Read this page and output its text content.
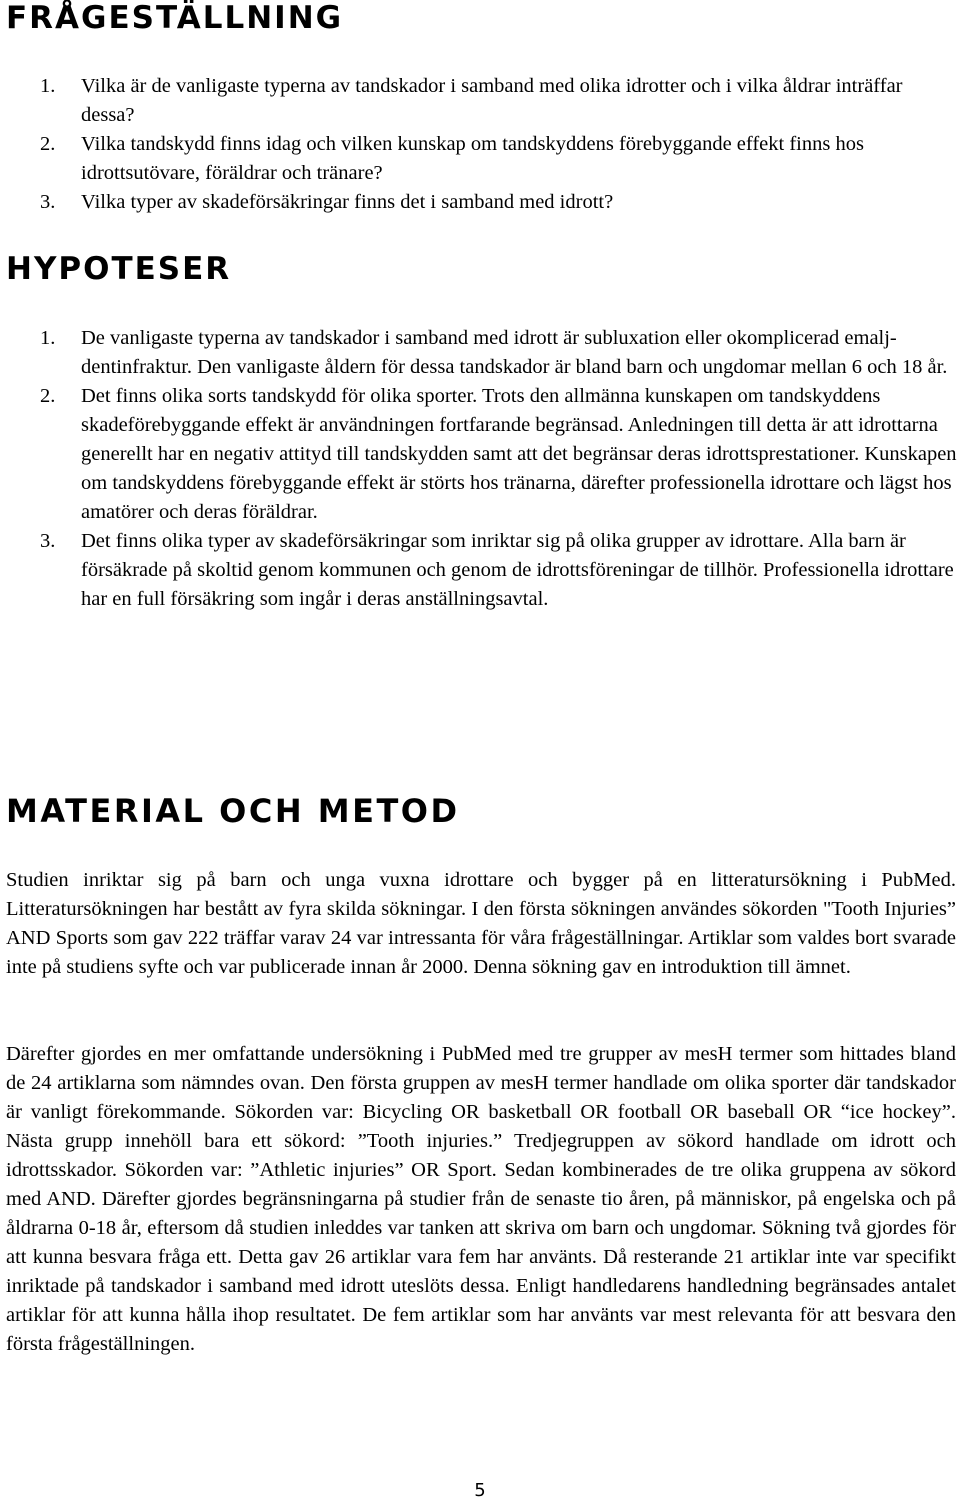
FRÅGESTÄLLNING
1. Vilka är de vanligaste typerna av tandskador i samband med olika idrotter och i vilka åldrar inträffar dessa?
2. Vilka tandskydd finns idag och vilken kunskap om tandskyddens förebyggande effekt finns hos idrottsutövare, föräldrar och tränare?
3. Vilka typer av skadeförsäkringar finns det i samband med idrott?
HYPOTESER
1. De vanligaste typerna av tandskador i samband med idrott är subluxation eller okomplicerad emalj-dentinfraktur. Den vanligaste åldern för dessa tandskador är bland barn och ungdomar mellan 6 och 18 år.
2. Det finns olika sorts tandskydd för olika sporter. Trots den allmänna kunskapen om tandskyddens skadeförebyggande effekt är användningen fortfarande begränsad. Anledningen till detta är att idrottarna generellt har en negativ attityd till tandskydden samt att det begränsar deras idrottsprestationer. Kunskapen om tandskyddens förebyggande effekt är störts hos tränarna, därefter professionella idrottare och lägst hos amatörer och deras föräldrar.
3. Det finns olika typer av skadeförsäkringar som inriktar sig på olika grupper av idrottare. Alla barn är försäkrade på skoltid genom kommunen och genom de idrottsföreningar de tillhör. Professionella idrottare har en full försäkring som ingår i deras anställningsavtal.
MATERIAL OCH METOD

Studien inriktar sig på barn och unga vuxna idrottare och bygger på en litteratursökning i PubMed. Litteratursökningen har bestått av fyra skilda sökningar. I den första sökningen användes sökorden "Tooth Injuries” AND Sports som gav 222 träffar varav 24 var intressanta för våra frågeställningar. Artiklar som valdes bort svarade inte på studiens syfte och var publicerade innan år 2000. Denna sökning gav en introduktion till ämnet.

Därefter gjordes en mer omfattande undersökning i PubMed med tre grupper av mesH termer som hittades bland de 24 artiklarna som nämndes ovan. Den första gruppen av mesH termer handlade om olika sporter där tandskador är vanligt förekommande. Sökorden var: Bicycling OR basketball OR football OR baseball OR “ice hockey”. Nästa grupp innehöll bara ett sökord: ”Tooth injuries.” Tredjegruppen av sökord handlade om idrott och idrottsskador. Sökorden var: ”Athletic injuries” OR Sport. Sedan kombinerades de tre olika gruppena av sökord med AND. Därefter gjordes begränsningarna på studier från de senaste tio åren, på människor, på engelska och på åldrarna 0-18 år, eftersom då studien inleddes var tanken att skriva om barn och ungdomar. Sökning två gjordes för att kunna besvara fråga ett. Detta gav 26 artiklar vara fem har använts. Då resterande 21 artiklar inte var specifikt inriktade på tandskador i samband med idrott uteslöts dessa. Enligt handledarens handledning begränsades antalet artiklar för att kunna hålla ihop resultatet. De fem artiklar som har använts var mest relevanta för att besvara den första frågeställningen.

5
